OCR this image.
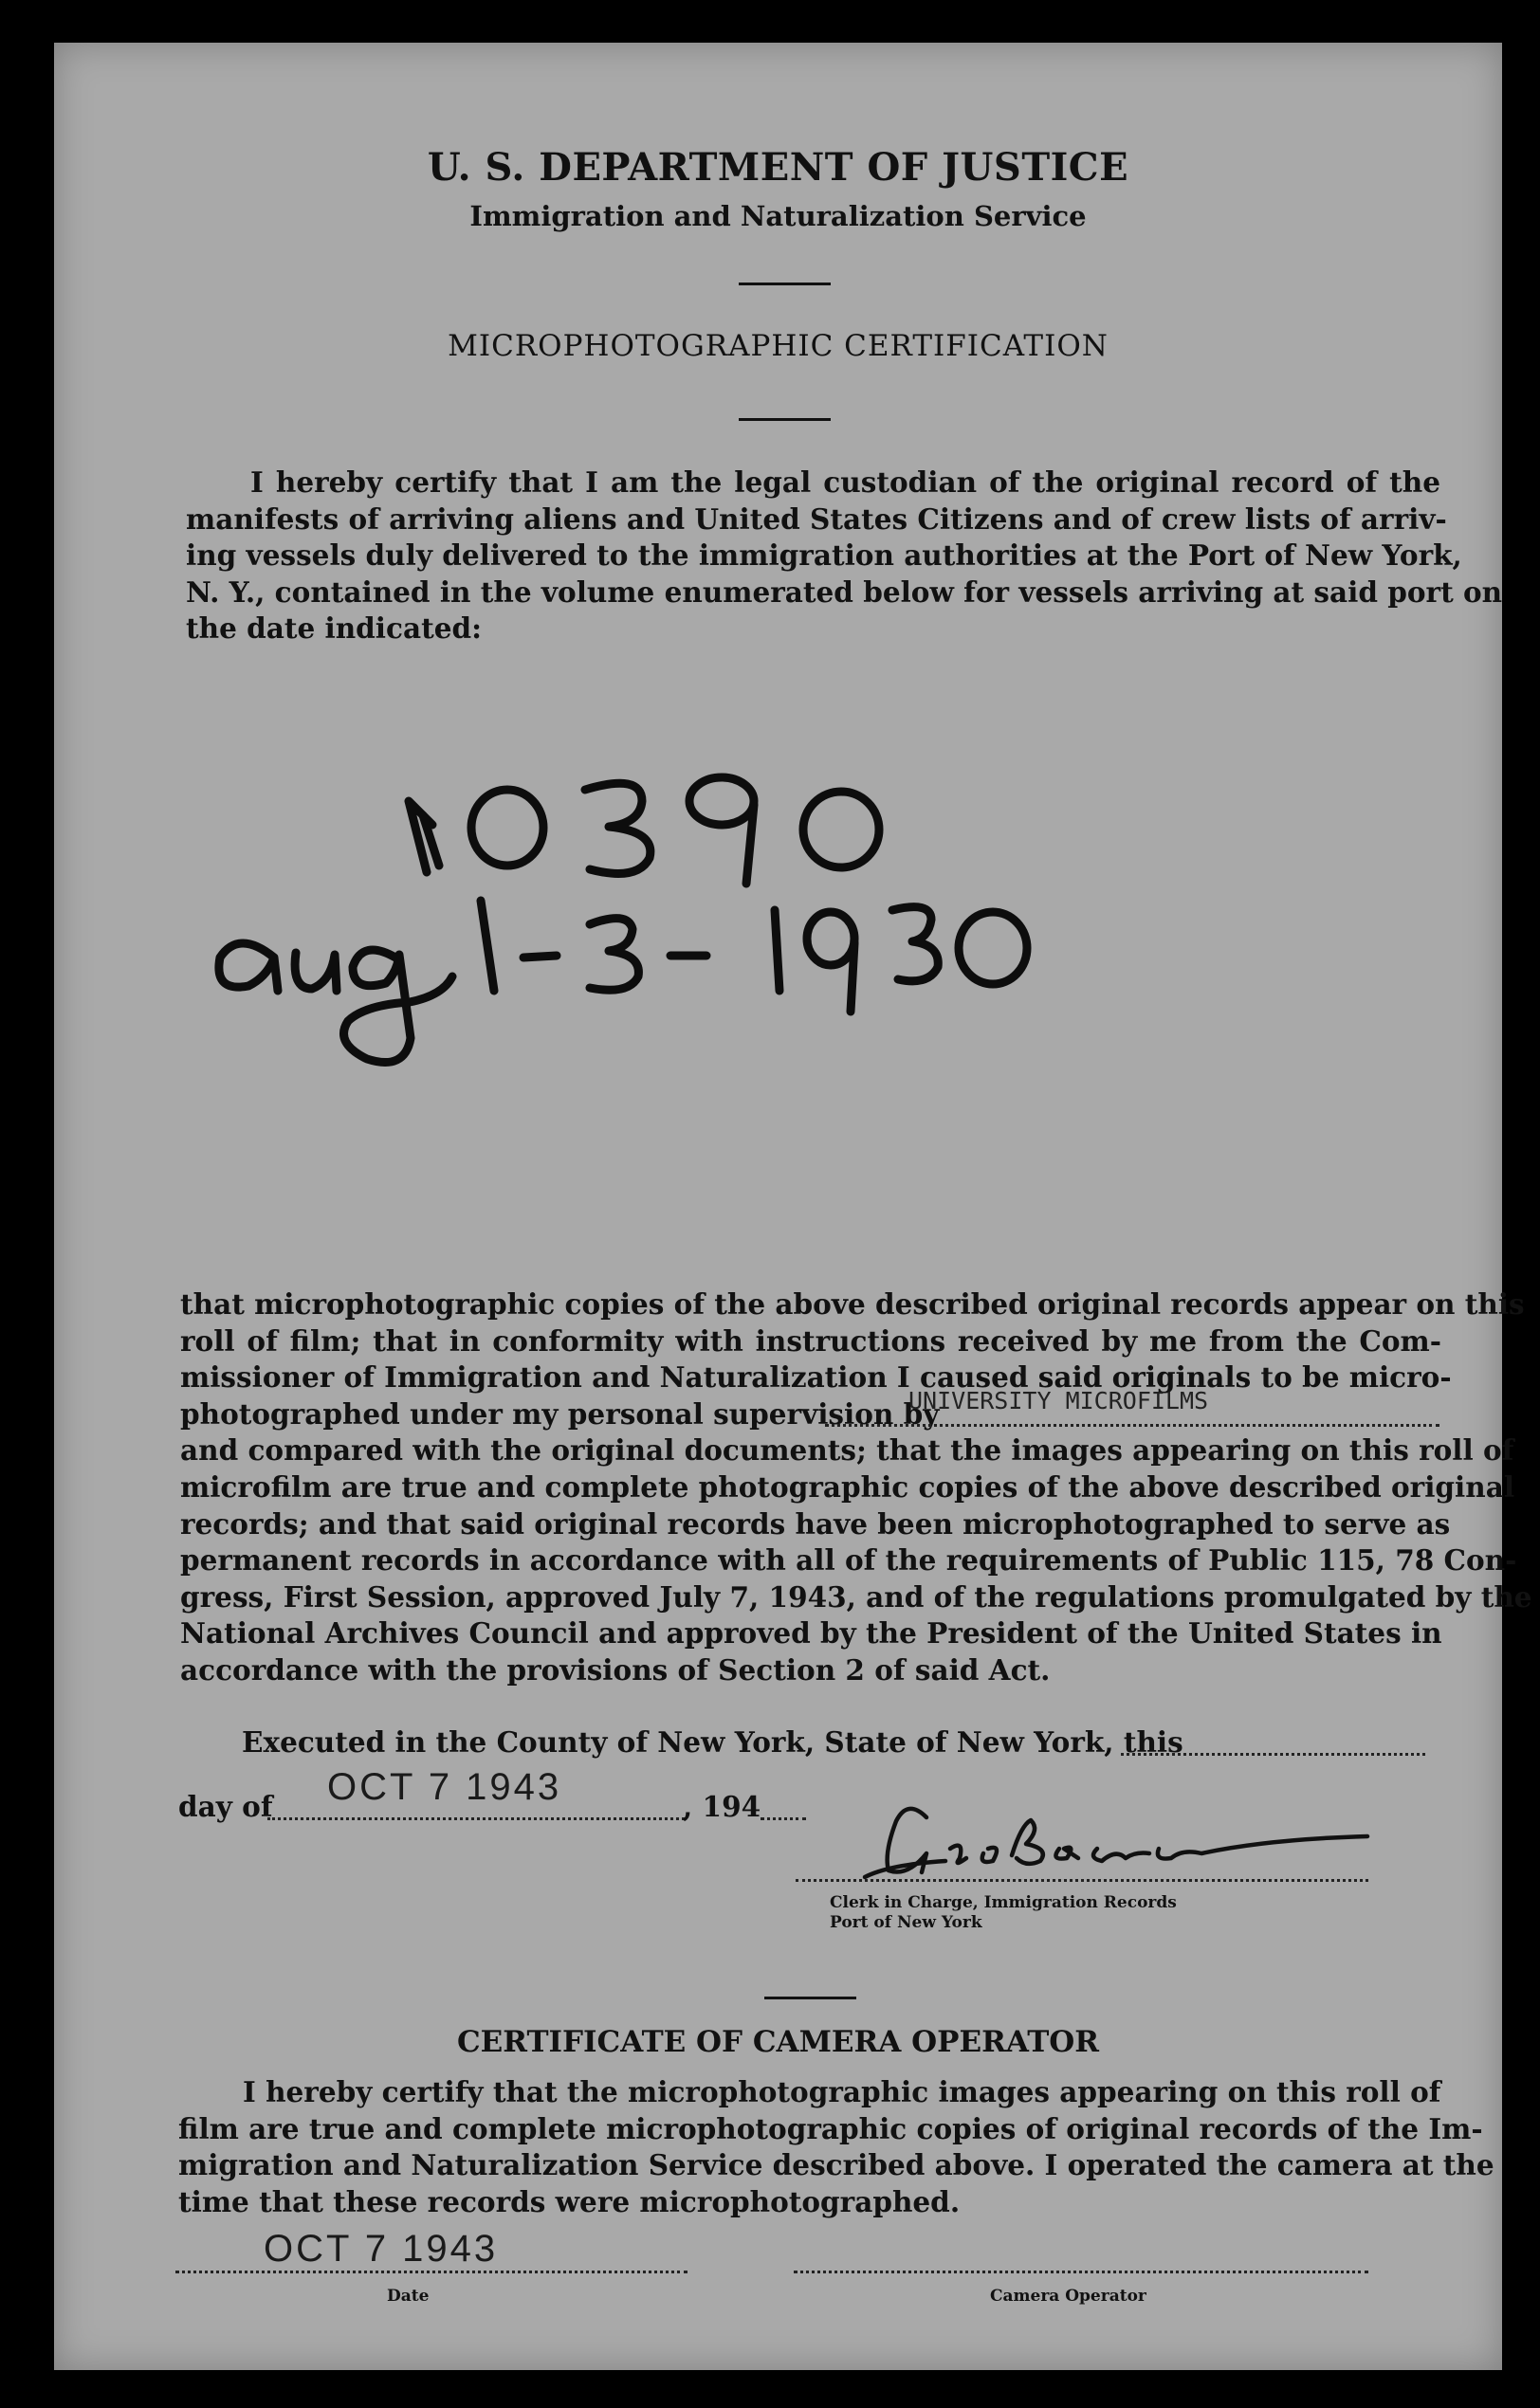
U. S. DEPARTMENT OF JUSTICE
Immigration and Naturalization Service
MICROPHOTOGRAPHIC CERTIFICATION
I hereby certify that I am the legal custodian of the original record of the
manifests of arriving aliens and United States Citizens and of crew lists of arriv-
ing vessels duly delivered to the immigration authorities at the Port of New York,
N. Y., contained in the volume enumerated below for vessels arriving at said port on
the date indicated:
that microphotographic copies of the above described original records appear on this
roll of film; that in conformity with instructions received by me from the Com-
missioner of Immigration and Naturalization I caused said originals to be micro-
photographed under my personal supervision by
UNIVERSITY MICROFILMS
and compared with the original documents; that the images appearing on this roll of
microfilm are true and complete photographic copies of the above described original
records; and that said original records have been microphotographed to serve as
permanent records in accordance with all of the requirements of Public 115, 78 Con-
gress, First Session, approved July 7, 1943, and of the regulations promulgated by the
National Archives Council and approved by the President of the United States in
accordance with the provisions of Section 2 of said Act.
Executed in the County of New York, State of New York, this
day of OCT 7 1943	, 194
Clerk in Charge, Immigration Records
Port of New York
CERTIFICATE OF CAMERA OPERATOR
I hereby certify that the microphotographic images appearing on this roll of
film are true and complete microphotographic copies of original records of the Im-
migration and Naturalization Service described above. I operated the camera at the
time that these records were microphotographed.
OCT 7 1943
Date	Camera Operator
